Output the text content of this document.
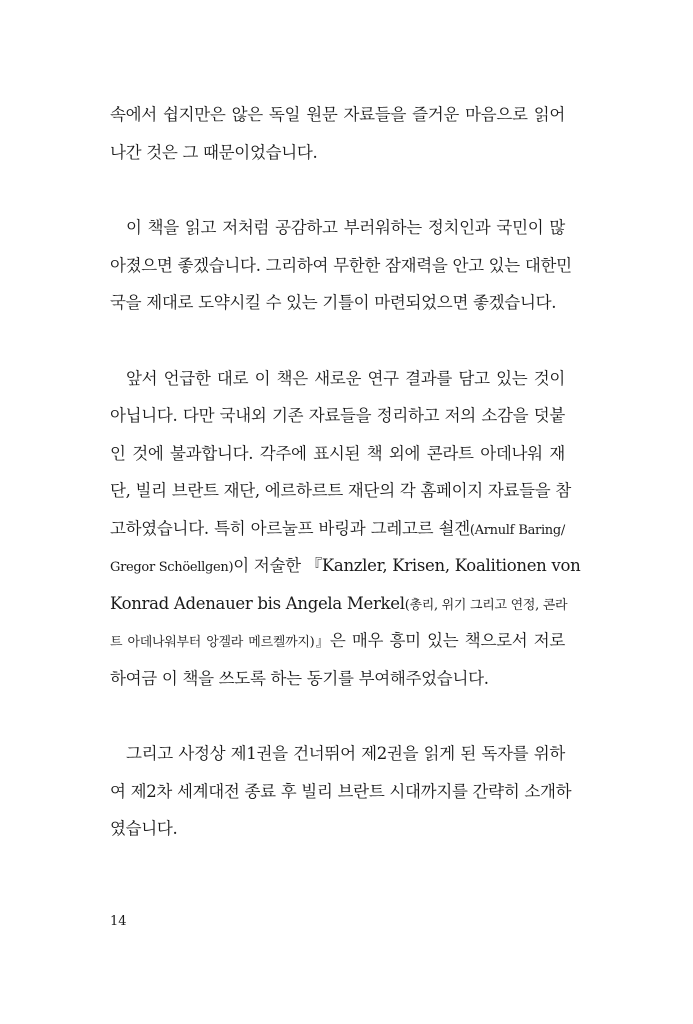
속에서 쉽지만은 않은 독일 원문 자료들을 즐거운 마음으로 읽어
나간 것은 그 때문이었습니다.
이 책을 읽고 저처럼 공감하고 부러워하는 정치인과 국민이 많
아졌으면 좋겠습니다. 그리하여 무한한 잠재력을 안고 있는 대한민
국을 제대로 도약시킬 수 있는 기틀이 마련되었으면 좋겠습니다.
앞서 언급한 대로 이 책은 새로운 연구 결과를 담고 있는 것이
아닙니다. 다만 국내외 기존 자료들을 정리하고 저의 소감을 덧붙
인 것에 불과합니다. 각주에 표시된 책 외에 콘라트 아데나워 재
단, 빌리 브란트 재단, 에르하르트 재단의 각 홈페이지 자료들을 참
고하였습니다. 특히 아르눌프 바링과 그레고르 쇨겐(Arnulf Baring/
Gregor Schöellgen)이 저술한 『Kanzler, Krisen, Koalitionen von
Konrad Adenauer bis Angela Merkel(총리, 위기 그리고 연정, 콘라
트 아데나워부터 앙겔라 메르켈까지)』은 매우 흥미 있는 책으로서 저로
하여금 이 책을 쓰도록 하는 동기를 부여해주었습니다.
그리고 사정상 제1권을 건너뛰어 제2권을 읽게 된 독자를 위하
여 제2차 세계대전 종료 후 빌리 브란트 시대까지를 간략히 소개하
였습니다.
14
